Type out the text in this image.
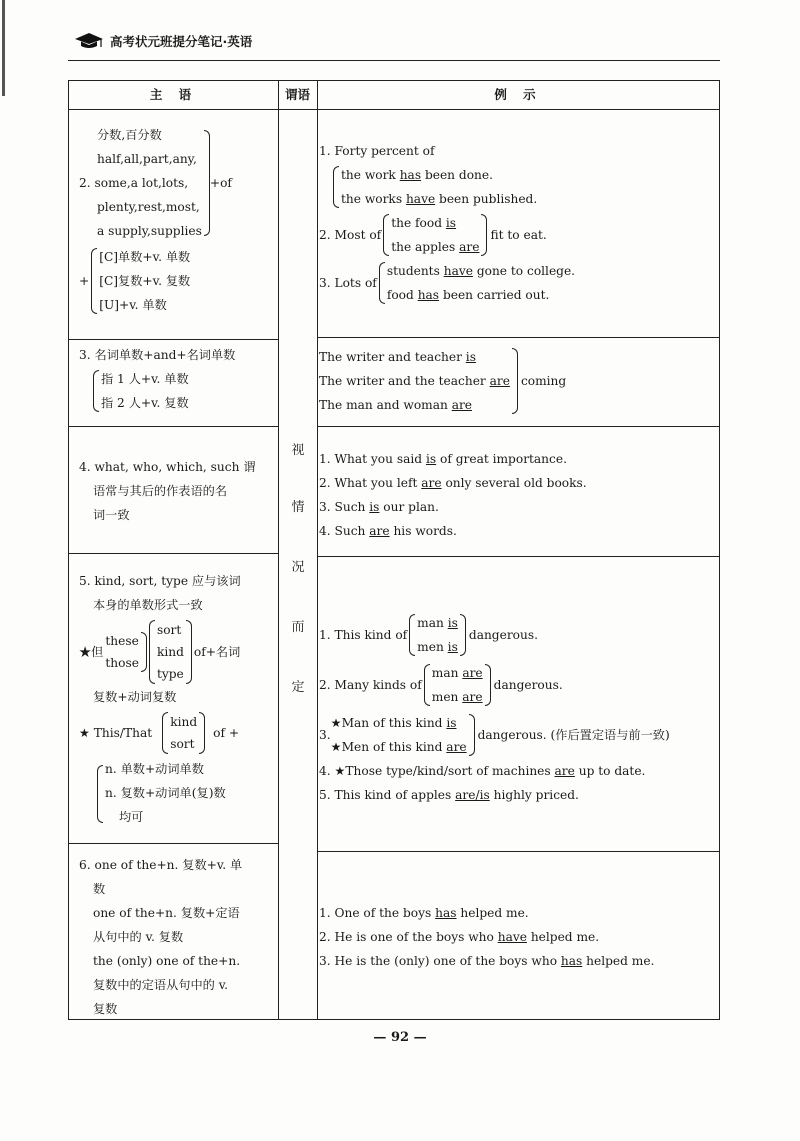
高考状元班提分笔记·英语
主 语	谓语	例 示
视
情
况
而
定
分数,百分数
half,all,part,any,
2. some,a lot,lots,
plenty,rest,most,
a supply,supplies
+of
+
[C]单数+v. 单数
[C]复数+v. 复数
[U]+v. 单数
1. Forty percent of
the work has been done.
the works have been published.
2. Most of
the food is
the apples are
fit to eat.
3. Lots of
students have gone to college.
food has been carried out.
3. 名词单数+and+名词单数
指 1 人+v. 单数
指 2 人+v. 复数
The writer and teacher is
The writer and the teacher are
The man and woman are
coming
4. what, who, which, such 谓
语常与其后的作表语的名
词一致
1. What you said is of great importance.
2. What you left are only several old books.
3. Such is our plan.
4. Such are his words.
5. kind, sort, type 应与该词
本身的单数形式一致
★但
these
those
sort
kind
type
of+名词
复数+动词复数
★ This/That
kind
sort
of +
n. 单数+动词单数
n. 复数+动词单(复)数
均可
1. This kind of
man is
men is
dangerous.
2. Many kinds of
man are
men are
dangerous.
3.
★Man of this kind is
★Men of this kind are
dangerous. (作后置定语与前一致)
4. ★Those type/kind/sort of machines are up to date.
5. This kind of apples are/is highly priced.
6. one of the+n. 复数+v. 单
数
one of the+n. 复数+定语
从句中的 v. 复数
the (only) one of the+n.
复数中的定语从句中的 v.
复数
1. One of the boys has helped me.
2. He is one of the boys who have helped me.
3. He is the (only) one of the boys who has helped me.
— 92 —
